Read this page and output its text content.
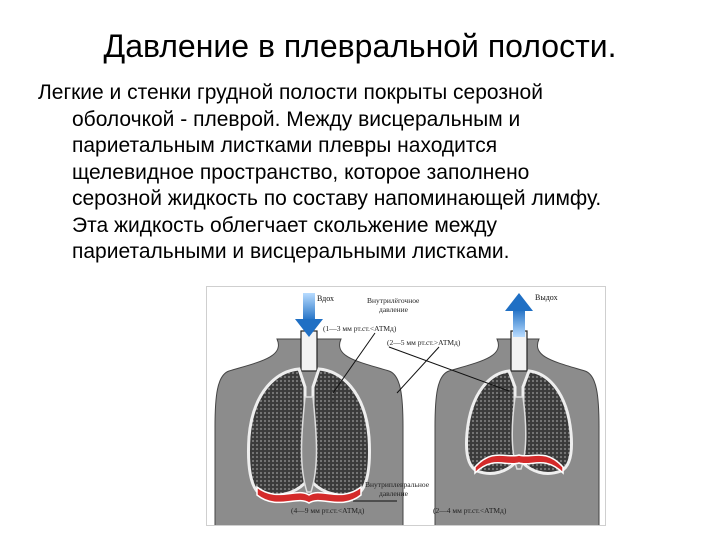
Давление в плевральной полости.
Легкие и стенки грудной полости покрыты серозной
оболочкой - плеврой. Между висцеральным и
париетальным листками плевры находится
щелевидное пространство, которое заполнено
серозной жидкость по составу напоминающей лимфу.
Эта жидкость облегчает скольжение между
париетальными и висцеральными листками.
Вдох	Выдох
Внутрилёгочное
давление
(1—3 мм рт.ст.<АТМд)
(2—5 мм рт.ст.>АТМд)
Внутриплевральное
давление
(4—9 мм рт.ст.<АТМд)	(2—4 мм рт.ст.<АТМд)
1	2
